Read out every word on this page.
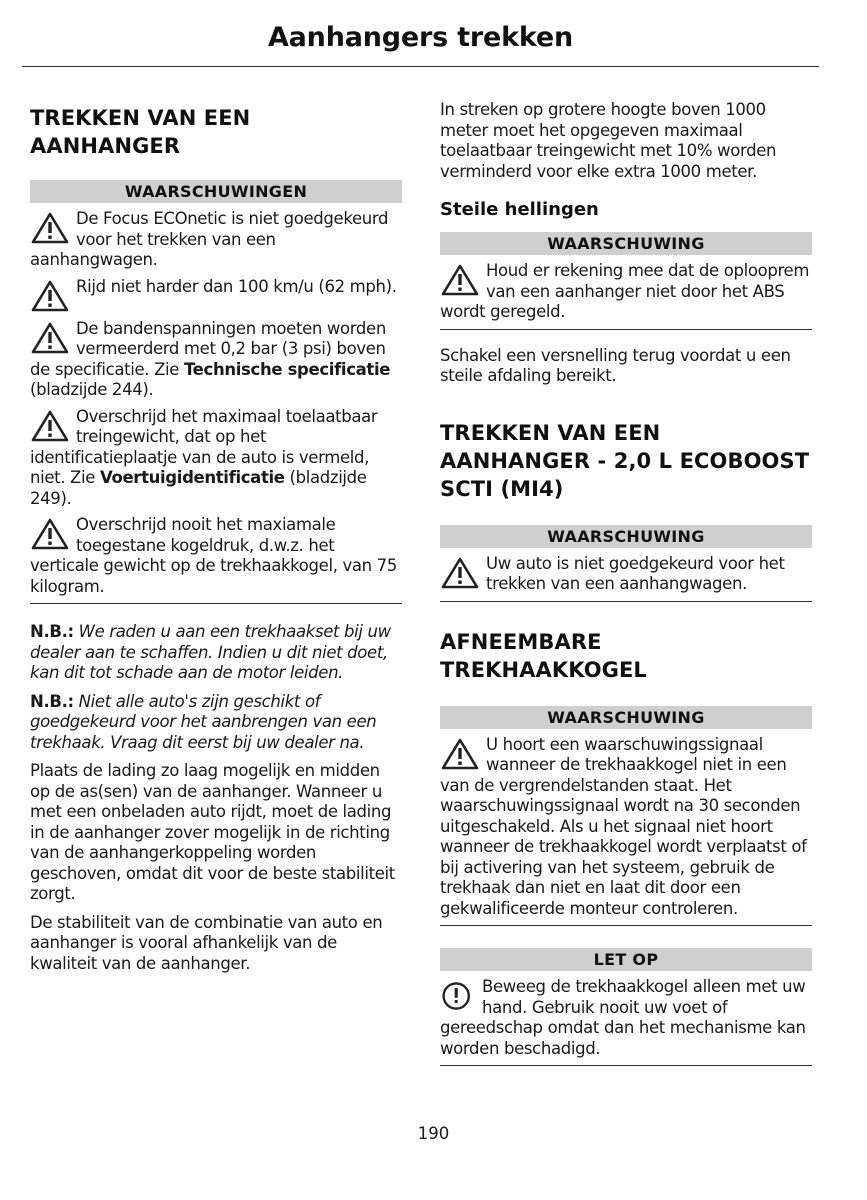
Aanhangers trekken
TREKKEN VAN EEN AANHANGER
WAARSCHUWINGEN

De Focus ECOnetic is niet goedgekeurd voor het trekken van een aanhangwagen.

Rijd niet harder dan 100 km/u (62 mph).

De bandenspanningen moeten worden vermeerderd met 0,2 bar (3 psi) boven de specificatie. Zie Technische specificatie (bladzijde 244).

Overschrijd het maximaal toelaatbaar treingewicht, dat op het identificatieplaatje van de auto is vermeld, niet. Zie Voertuigidentificatie (bladzijde 249).

Overschrijd nooit het maxiamale toegestane kogeldruk, d.w.z. het verticale gewicht op de trekhaakkogel, van 75 kilogram.

N.B.: We raden u aan een trekhaakset bij uw dealer aan te schaffen. Indien u dit niet doet, kan dit tot schade aan de motor leiden.

N.B.: Niet alle auto's zijn geschikt of goedgekeurd voor het aanbrengen van een trekhaak. Vraag dit eerst bij uw dealer na.

Plaats de lading zo laag mogelijk en midden op de as(sen) van de aanhanger. Wanneer u met een onbeladen auto rijdt, moet de lading in de aanhanger zover mogelijk in de richting van de aanhangerkoppeling worden geschoven, omdat dit voor de beste stabiliteit zorgt.

De stabiliteit van de combinatie van auto en aanhanger is vooral afhankelijk van de kwaliteit van de aanhanger.

In streken op grotere hoogte boven 1000 meter moet het opgegeven maximaal toelaatbaar treingewicht met 10% worden verminderd voor elke extra 1000 meter.

Steile hellingen
WAARSCHUWING

Houd er rekening mee dat de oplooprem van een aanhanger niet door het ABS wordt geregeld.

Schakel een versnelling terug voordat u een steile afdaling bereikt.

TREKKEN VAN EEN AANHANGER - 2,0 L ECOBOOST SCTI (MI4)
WAARSCHUWING

Uw auto is niet goedgekeurd voor het trekken van een aanhangwagen.

AFNEEMBARE TREKHAAKKOGEL
WAARSCHUWING

U hoort een waarschuwingssignaal wanneer de trekhaakkogel niet in een van de vergrendelstanden staat. Het waarschuwingssignaal wordt na 30 seconden uitgeschakeld. Als u het signaal niet hoort wanneer de trekhaakkogel wordt verplaatst of bij activering van het systeem, gebruik de trekhaak dan niet en laat dit door een gekwalificeerde monteur controleren.

LET OP

Beweeg de trekhaakkogel alleen met uw hand. Gebruik nooit uw voet of gereedschap omdat dan het mechanisme kan worden beschadigd.

190
